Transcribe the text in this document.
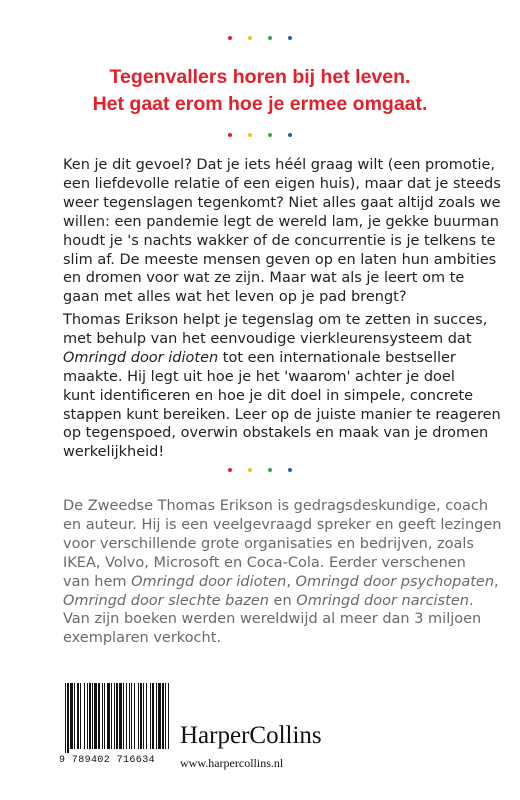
Tegenvallers horen bij het leven.
Het gaat erom hoe je ermee omgaat.
Ken je dit gevoel? Dat je iets héél graag wilt (een promotie,
een liefdevolle relatie of een eigen huis), maar dat je steeds
weer tegenslagen tegenkomt? Niet alles gaat altijd zoals we
willen: een pandemie legt de wereld lam, je gekke buurman
houdt je 's nachts wakker of de concurrentie is je telkens te
slim af. De meeste mensen geven op en laten hun ambities
en dromen voor wat ze zijn. Maar wat als je leert om te
gaan met alles wat het leven op je pad brengt?
Thomas Erikson helpt je tegenslag om te zetten in succes,
met behulp van het eenvoudige vierkleurensysteem dat
Omringd door idioten tot een internationale bestseller
maakte. Hij legt uit hoe je het 'waarom' achter je doel
kunt identificeren en hoe je dit doel in simpele, concrete
stappen kunt bereiken. Leer op de juiste manier te reageren
op tegenspoed, overwin obstakels en maak van je dromen
werkelijkheid!
De Zweedse Thomas Erikson is gedragsdeskundige, coach
en auteur. Hij is een veelgevraagd spreker en geeft lezingen
voor verschillende grote organisaties en bedrijven, zoals
IKEA, Volvo, Microsoft en Coca-Cola. Eerder verschenen
van hem Omringd door idioten, Omringd door psychopaten,
Omringd door slechte bazen en Omringd door narcisten.
Van zijn boeken werden wereldwijd al meer dan 3 miljoen
exemplaren verkocht.
9 789402 716634
HarperCollins
www.harpercollins.nl
